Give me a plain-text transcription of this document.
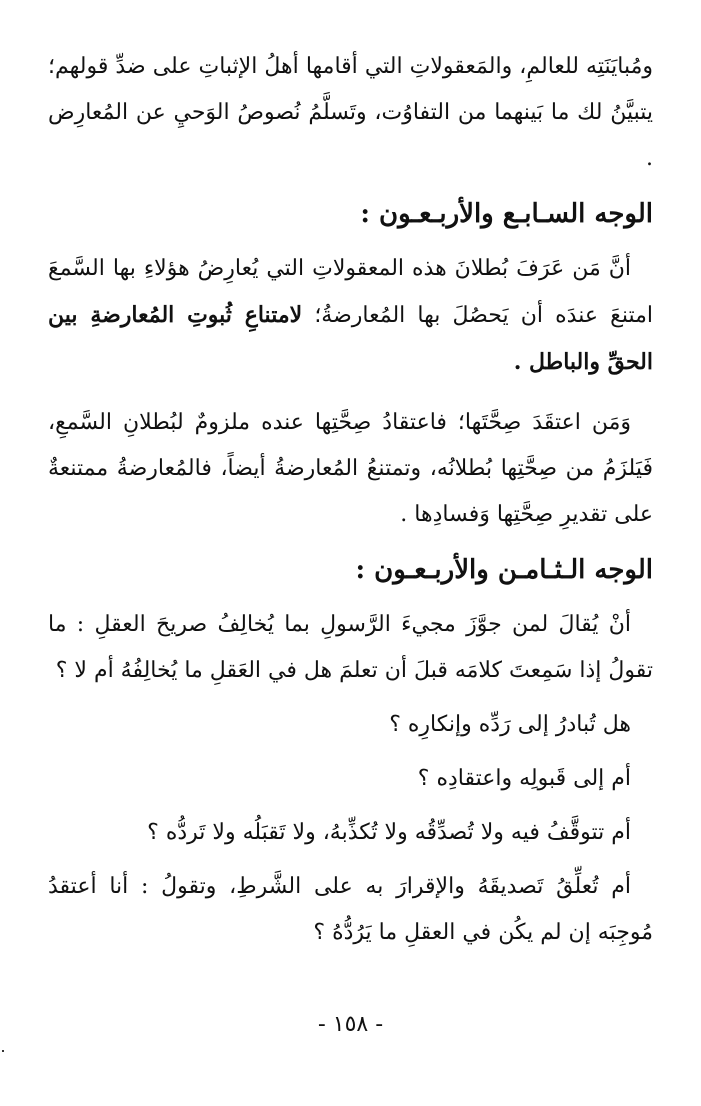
ومُبايَنَتِه للعالمِ، والمَعقولاتِ التي أقامها أهلُ الإثباتِ على ضدِّ قولهم؛ يتبيَّنُ لك ما بَينهما من التفاوُت، وتَسلَّمُ نُصوصُ الوَحيِ عن المُعارِض .

الوجه السـابـع والأربـعـون :

أنَّ مَن عَرَفَ بُطلانَ هذه المعقولاتِ التي يُعارِضُ هؤلاءِ بها السَّمعَ امتنعَ عندَه أن يَحصُلَ بها المُعارضةُ؛ لامتناعِ ثُبوتِ المُعارضةِ بين الحقِّ والباطل .

وَمَن اعتقَدَ صِحَّتَها؛ فاعتقادُ صِحَّتِها عنده ملزومٌ لبُطلانِ السَّمعِ، فَيَلزَمُ من صِحَّتِها بُطلانُه، وتمتنعُ المُعارضةُ أيضاً، فالمُعارضةُ ممتنعةٌ على تقديرِ صِحَّتِها وَفسادِها .

الوجه الـثـامـن والأربـعـون :

أنْ يُقالَ لمن جوَّزَ مجيءَ الرَّسولِ بما يُخالِفُ صريحَ العقلِ : ما تقولُ إذا سَمِعتَ كلامَه قبلَ أن تعلمَ هل في العَقلِ ما يُخالِفُهُ أم لا ؟

هل تُبادرُ إلى رَدِّه وإنكارِه ؟

أم إلى قَبولِه واعتقادِه ؟

أم تتوقَّفُ فيه ولا تُصدِّقُه ولا تُكذِّبهُ، ولا تَقبَلُه ولا تَردُّه ؟

أم تُعلِّقُ تَصديقَهُ والإقرارَ به على الشَّرطِ، وتقولُ : أنا أعتقدُ مُوجِبَه إن لم يكُن في العقلِ ما يَرُدُّهُ ؟

- ١٥٨ -
